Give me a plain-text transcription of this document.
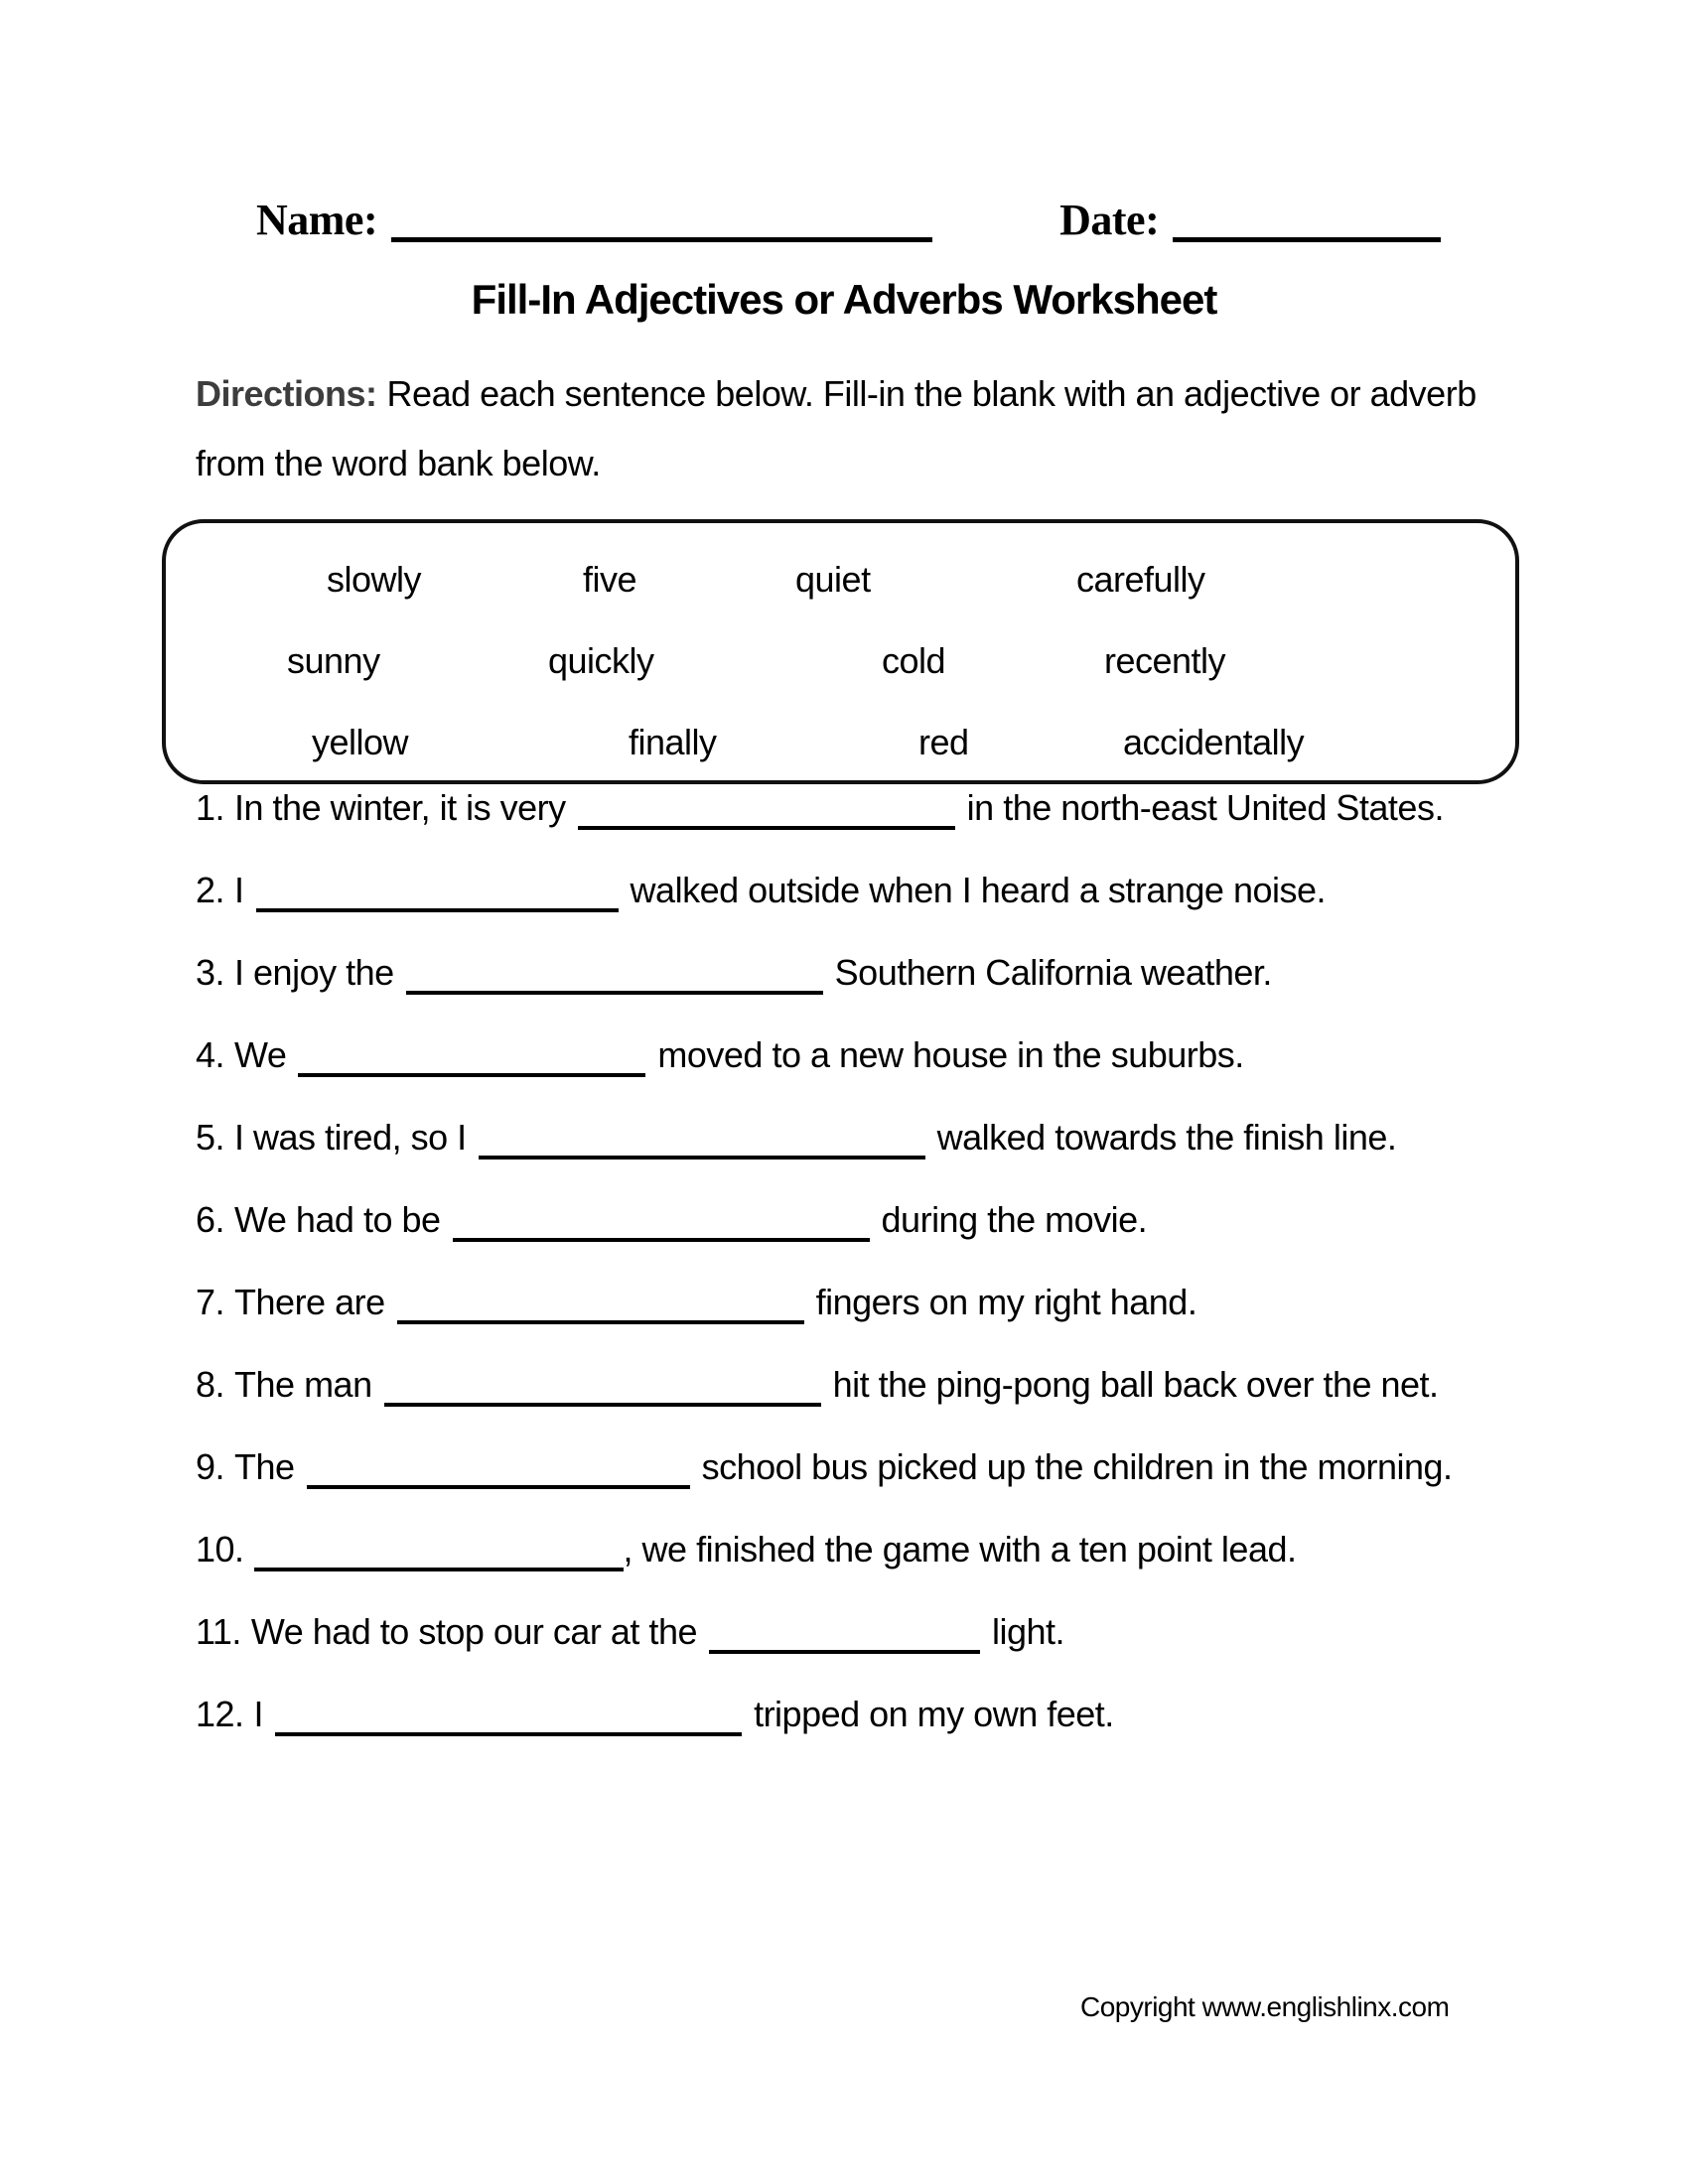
Name:	Date:
Fill-In Adjectives or Adverbs Worksheet
Directions: Read each sentence below. Fill-in the blank with an adjective or adverb from the word bank below.
slowly	five	quiet	carefully
sunny	quickly	cold	recently
yellow	finally	red	accidentally
1. In the winter, it is very	in the north-east United States.
2. I	walked outside when I heard a strange noise.
3. I enjoy the	Southern California weather.
4. We	moved to a new house in the suburbs.
5. I was tired, so I	walked towards the finish line.
6. We had to be	during the movie.
7. There are	fingers on my right hand.
8. The man	hit the ping-pong ball back over the net.
9. The	school bus picked up the children in the morning.
10.	, we finished the game with a ten point lead.
11. We had to stop our car at the	light.
12. I	tripped on my own feet.
Copyright www.englishlinx.com
